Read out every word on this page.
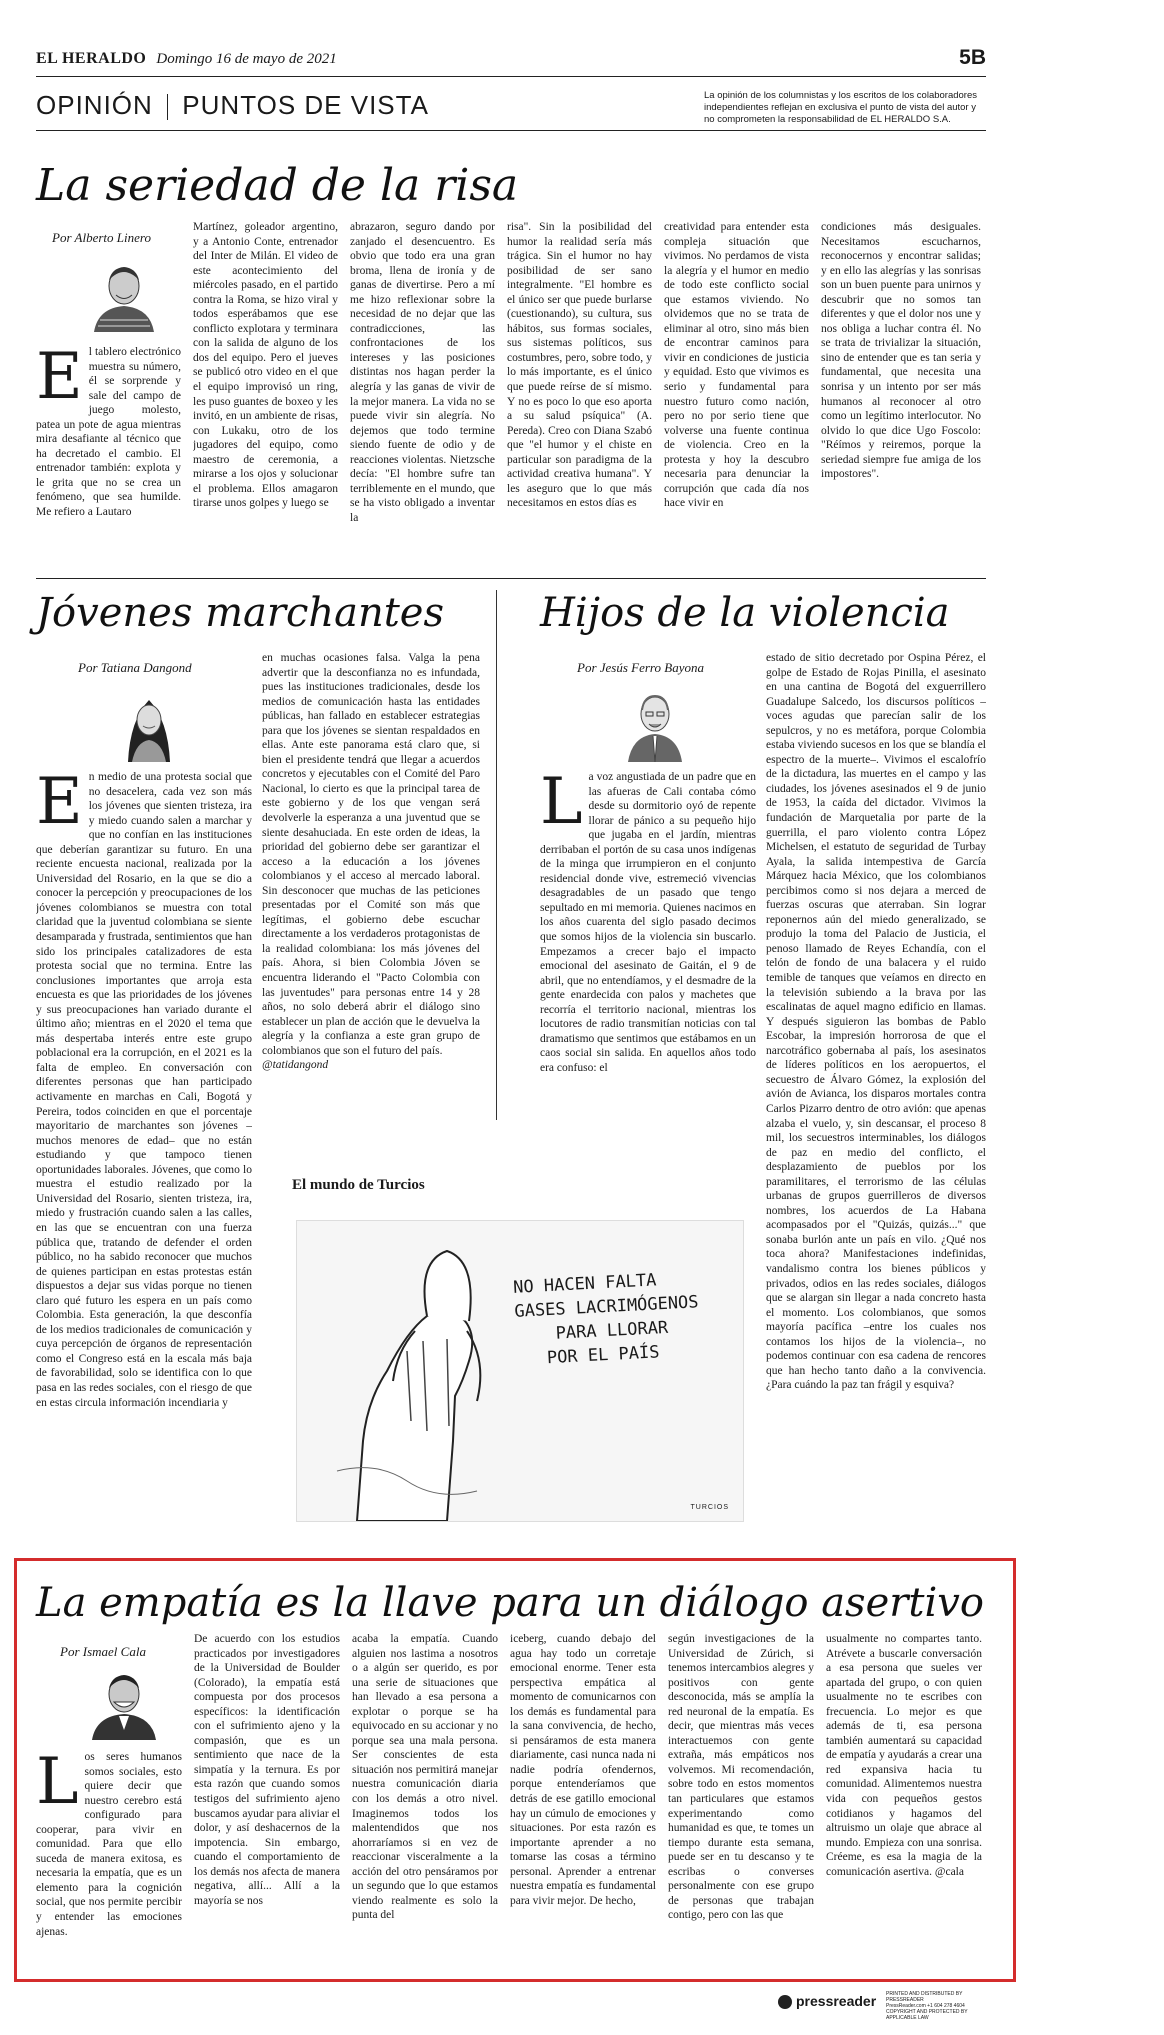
EL HERALDO Domingo 16 de mayo de 2021	5B
OPINIÓN PUNTOS DE VISTA	La opinión de los columnistas y los escritos de los colaboradores independientes reflejan en exclusiva el punto de vista del autor y no comprometen la responsabilidad de EL HERALDO S.A.
La seriedad de la risa
Por Alberto Linero
El tablero electrónico muestra su número, él se sorprende y sale del campo de juego molesto, patea un pote de agua mientras mira desafiante al técnico que ha decretado el cambio. El entrenador también: explota y le grita que no se crea un fenómeno, que sea humilde. Me refiero a Lautaro
Martínez, goleador argentino, y a Antonio Conte, entrenador del Inter de Milán. El video de este acontecimiento del miércoles pasado, en el partido contra la Roma, se hizo viral y todos esperábamos que ese conflicto explotara y terminara con la salida de alguno de los dos del equipo. Pero el jueves se publicó otro video en el que el equipo improvisó un ring, les puso guantes de boxeo y les invitó, en un ambiente de risas, con Lukaku, otro de los jugadores del equipo, como maestro de ceremonia, a mirarse a los ojos y solucionar el problema. Ellos amagaron tirarse unos golpes y luego se
abrazaron, seguro dando por zanjado el desencuentro. Es obvio que todo era una gran broma, llena de ironía y de ganas de divertirse. Pero a mí me hizo reflexionar sobre la necesidad de no dejar que las contradicciones, las confrontaciones de los intereses y las posiciones distintas nos hagan perder la alegría y las ganas de vivir de la mejor manera. La vida no se puede vivir sin alegría. No dejemos que todo termine siendo fuente de odio y de reacciones violentas. Nietzsche decía: "El hombre sufre tan terriblemente en el mundo, que se ha visto obligado a inventar la
risa". Sin la posibilidad del humor la realidad sería más trágica. Sin el humor no hay posibilidad de ser sano integralmente. "El hombre es el único ser que puede burlarse (cuestionando), su cultura, sus hábitos, sus formas sociales, sus sistemas políticos, sus costumbres, pero, sobre todo, y lo más importante, es el único que puede reírse de sí mismo. Y no es poco lo que eso aporta a su salud psíquica" (A. Pereda). Creo con Diana Szabó que "el humor y el chiste en particular son paradigma de la actividad creativa humana". Y les aseguro que lo que más necesitamos en estos días es
creatividad para entender esta compleja situación que vivimos. No perdamos de vista la alegría y el humor en medio de todo este conflicto social que estamos viviendo. No olvidemos que no se trata de eliminar al otro, sino más bien de encontrar caminos para vivir en condiciones de justicia y equidad. Esto que vivimos es serio y fundamental para nuestro futuro como nación, pero no por serio tiene que volverse una fuente continua de violencia. Creo en la protesta y hoy la descubro necesaria para denunciar la corrupción que cada día nos hace vivir en
condiciones más desiguales. Necesitamos escucharnos, reconocernos y encontrar salidas; y en ello las alegrías y las sonrisas son un buen puente para unirnos y descubrir que no somos tan diferentes y que el dolor nos une y nos obliga a luchar contra él. No se trata de trivializar la situación, sino de entender que es tan seria y fundamental, que necesita una sonrisa y un intento por ser más humanos al reconocer al otro como un legítimo interlocutor. No olvido lo que dice Ugo Foscolo: "Réímos y reiremos, porque la seriedad siempre fue amiga de los impostores".
Jóvenes marchantes
Por Tatiana Dangond
En medio de una protesta social que no desacelera, cada vez son más los jóvenes que sienten tristeza, ira y miedo cuando salen a marchar y que no confían en las instituciones que deberían garantizar su futuro. En una reciente encuesta nacional, realizada por la Universidad del Rosario, en la que se dio a conocer la percepción y preocupaciones de los jóvenes colombianos se muestra con total claridad que la juventud colombiana se siente desamparada y frustrada, sentimientos que han sido los principales catalizadores de esta protesta social que no termina. Entre las conclusiones importantes que arroja esta encuesta es que las prioridades de los jóvenes y sus preocupaciones han variado durante el último año; mientras en el 2020 el tema que más despertaba interés entre este grupo poblacional era la corrupción, en el 2021 es la falta de empleo. En conversación con diferentes personas que han participado activamente en marchas en Cali, Bogotá y Pereira, todos coinciden en que el porcentaje mayoritario de marchantes son jóvenes –muchos menores de edad– que no están estudiando y que tampoco tienen oportunidades laborales. Jóvenes, que como lo muestra el estudio realizado por la Universidad del Rosario, sienten tristeza, ira, miedo y frustración cuando salen a las calles, en las que se encuentran con una fuerza pública que, tratando de defender el orden público, no ha sabido reconocer que muchos de quienes participan en estas protestas están dispuestos a dejar sus vidas porque no tienen claro qué futuro les espera en un país como Colombia. Esta generación, la que desconfía de los medios tradicionales de comunicación y cuya percepción de órganos de representación como el Congreso está en la escala más baja de favorabilidad, solo se identifica con lo que pasa en las redes sociales, con el riesgo de que en estas circula información incendiaria y
en muchas ocasiones falsa. Valga la pena advertir que la desconfianza no es infundada, pues las instituciones tradicionales, desde los medios de comunicación hasta las entidades públicas, han fallado en establecer estrategias para que los jóvenes se sientan respaldados en ellas. Ante este panorama está claro que, si bien el presidente tendrá que llegar a acuerdos concretos y ejecutables con el Comité del Paro Nacional, lo cierto es que la principal tarea de este gobierno y de los que vengan será devolverle la esperanza a una juventud que se siente desahuciada. En este orden de ideas, la prioridad del gobierno debe ser garantizar el acceso a la educación a los jóvenes colombianos y el acceso al mercado laboral. Sin desconocer que muchas de las peticiones presentadas por el Comité son más que legítimas, el gobierno debe escuchar directamente a los verdaderos protagonistas de la realidad colombiana: los más jóvenes del país. Ahora, si bien Colombia Jóven se encuentra liderando el "Pacto Colombia con las juventudes" para personas entre 14 y 28 años, no solo deberá abrir el diálogo sino establecer un plan de acción que le devuelva la alegría y la confianza a este gran grupo de colombianos que son el futuro del país.
@tatidangond
Hijos de la violencia
Por Jesús Ferro Bayona
La voz angustiada de un padre que en las afueras de Cali contaba cómo desde su dormitorio oyó de repente llorar de pánico a su pequeño hijo que jugaba en el jardín, mientras derribaban el portón de su casa unos indígenas de la minga que irrumpieron en el conjunto residencial donde vive, estremeció vivencias desagradables de un pasado que tengo sepultado en mi memoria. Quienes nacimos en los años cuarenta del siglo pasado decimos que somos hijos de la violencia sin buscarlo. Empezamos a crecer bajo el impacto emocional del asesinato de Gaitán, el 9 de abril, que no entendíamos, y el desmadre de la gente enardecida con palos y machetes que recorría el territorio nacional, mientras los locutores de radio transmitían noticias con tal dramatismo que sentimos que estábamos en un caos social sin salida. En aquellos años todo era confuso: el
estado de sitio decretado por Ospina Pérez, el golpe de Estado de Rojas Pinilla, el asesinato en una cantina de Bogotá del exguerrillero Guadalupe Salcedo, los discursos políticos –voces agudas que parecían salir de los sepulcros, y no es metáfora, porque Colombia estaba viviendo sucesos en los que se blandía el espectro de la muerte–. Vivimos el escalofrío de la dictadura, las muertes en el campo y las ciudades, los jóvenes asesinados el 9 de junio de 1953, la caída del dictador. Vivimos la fundación de Marquetalia por parte de la guerrilla, el paro violento contra López Michelsen, el estatuto de seguridad de Turbay Ayala, la salida intempestiva de García Márquez hacia México, que los colombianos percibimos como si nos dejara a merced de fuerzas oscuras que aterraban. Sin lograr reponernos aún del miedo generalizado, se produjo la toma del Palacio de Justicia, el penoso llamado de Reyes Echandía, con el telón de fondo de una balacera y el ruido temible de tanques que veíamos en directo en la televisión subiendo a la brava por las escalinatas de aquel magno edificio en llamas. Y después siguieron las bombas de Pablo Escobar, la impresión horrorosa de que el narcotráfico gobernaba al país, los asesinatos de líderes políticos en los aeropuertos, el secuestro de Álvaro Gómez, la explosión del avión de Avianca, los disparos mortales contra Carlos Pizarro dentro de otro avión: que apenas alzaba el vuelo, y, sin descansar, el proceso 8 mil, los secuestros interminables, los diálogos de paz en medio del conflicto, el desplazamiento de pueblos por los paramilitares, el terrorismo de las células urbanas de grupos guerrilleros de diversos nombres, los acuerdos de La Habana acompasados por el "Quizás, quizás..." que sonaba burlón ante un país en vilo. ¿Qué nos toca ahora? Manifestaciones indefinidas, vandalismo contra los bienes públicos y privados, odios en las redes sociales, diálogos que se alargan sin llegar a nada concreto hasta el momento. Los colombianos, que somos mayoría pacífica –entre los cuales nos contamos los hijos de la violencia–, no podemos continuar con esa cadena de rencores que han hecho tanto daño a la convivencia. ¿Para cuándo la paz tan frágil y esquiva?
El mundo de Turcios
NO HACEN FALTA
GASES LACRIMÓGENOS
PARA LLORAR
POR EL PAÍS
TURCIOS
La empatía es la llave para un diálogo asertivo
Por Ismael Cala
Los seres humanos somos sociales, esto quiere decir que nuestro cerebro está configurado para cooperar, para vivir en comunidad. Para que ello suceda de manera exitosa, es necesaria la empatía, que es un elemento para la cognición social, que nos permite percibir y entender las emociones ajenas.
De acuerdo con los estudios practicados por investigadores de la Universidad de Boulder (Colorado), la empatía está compuesta por dos procesos específicos: la identificación con el sufrimiento ajeno y la compasión, que es un sentimiento que nace de la simpatía y la ternura. Es por esta razón que cuando somos testigos del sufrimiento ajeno buscamos ayudar para aliviar el dolor, y así deshacernos de la impotencia. Sin embargo, cuando el comportamiento de los demás nos afecta de manera negativa, allí... Allí a la mayoría se nos
acaba la empatía. Cuando alguien nos lastima a nosotros o a algún ser querido, es por una serie de situaciones que han llevado a esa persona a explotar o porque se ha equivocado en su accionar y no porque sea una mala persona. Ser conscientes de esta situación nos permitirá manejar nuestra comunicación diaria con los demás a otro nivel. Imaginemos todos los malentendidos que nos ahorraríamos si en vez de reaccionar visceralmente a la acción del otro pensáramos por un segundo que lo que estamos viendo realmente es solo la punta del
iceberg, cuando debajo del agua hay todo un corretaje emocional enorme. Tener esta perspectiva empática al momento de comunicarnos con los demás es fundamental para la sana convivencia, de hecho, si pensáramos de esta manera diariamente, casi nunca nada ni nadie podría ofendernos, porque entenderíamos que detrás de ese gatillo emocional hay un cúmulo de emociones y situaciones. Por esta razón es importante aprender a no tomarse las cosas a término personal. Aprender a entrenar nuestra empatía es fundamental para vivir mejor. De hecho,
según investigaciones de la Universidad de Zúrich, si tenemos intercambios alegres y positivos con gente desconocida, más se amplía la red neuronal de la empatía. Es decir, que mientras más veces interactuemos con gente extraña, más empáticos nos volvemos. Mi recomendación, sobre todo en estos momentos tan particulares que estamos experimentando como humanidad es que, te tomes un tiempo durante esta semana, puede ser en tu descanso y te escribas o converses personalmente con ese grupo de personas que trabajan contigo, pero con las que
usualmente no compartes tanto. Atrévete a buscarle conversación a esa persona que sueles ver apartada del grupo, o con quien usualmente no te escribes con frecuencia. Lo mejor es que además de ti, esa persona también aumentará su capacidad de empatía y ayudarás a crear una red expansiva hacia tu comunidad. Alimentemos nuestra vida con pequeños gestos cotidianos y hagamos del altruismo un olaje que abrace al mundo. Empieza con una sonrisa. Créeme, es esa la magia de la comunicación asertiva. @cala
pressreader PRINTED AND DISTRIBUTED BY PRESSREADER
PressReader.com +1 604 278 4604
COPYRIGHT AND PROTECTED BY APPLICABLE LAW
